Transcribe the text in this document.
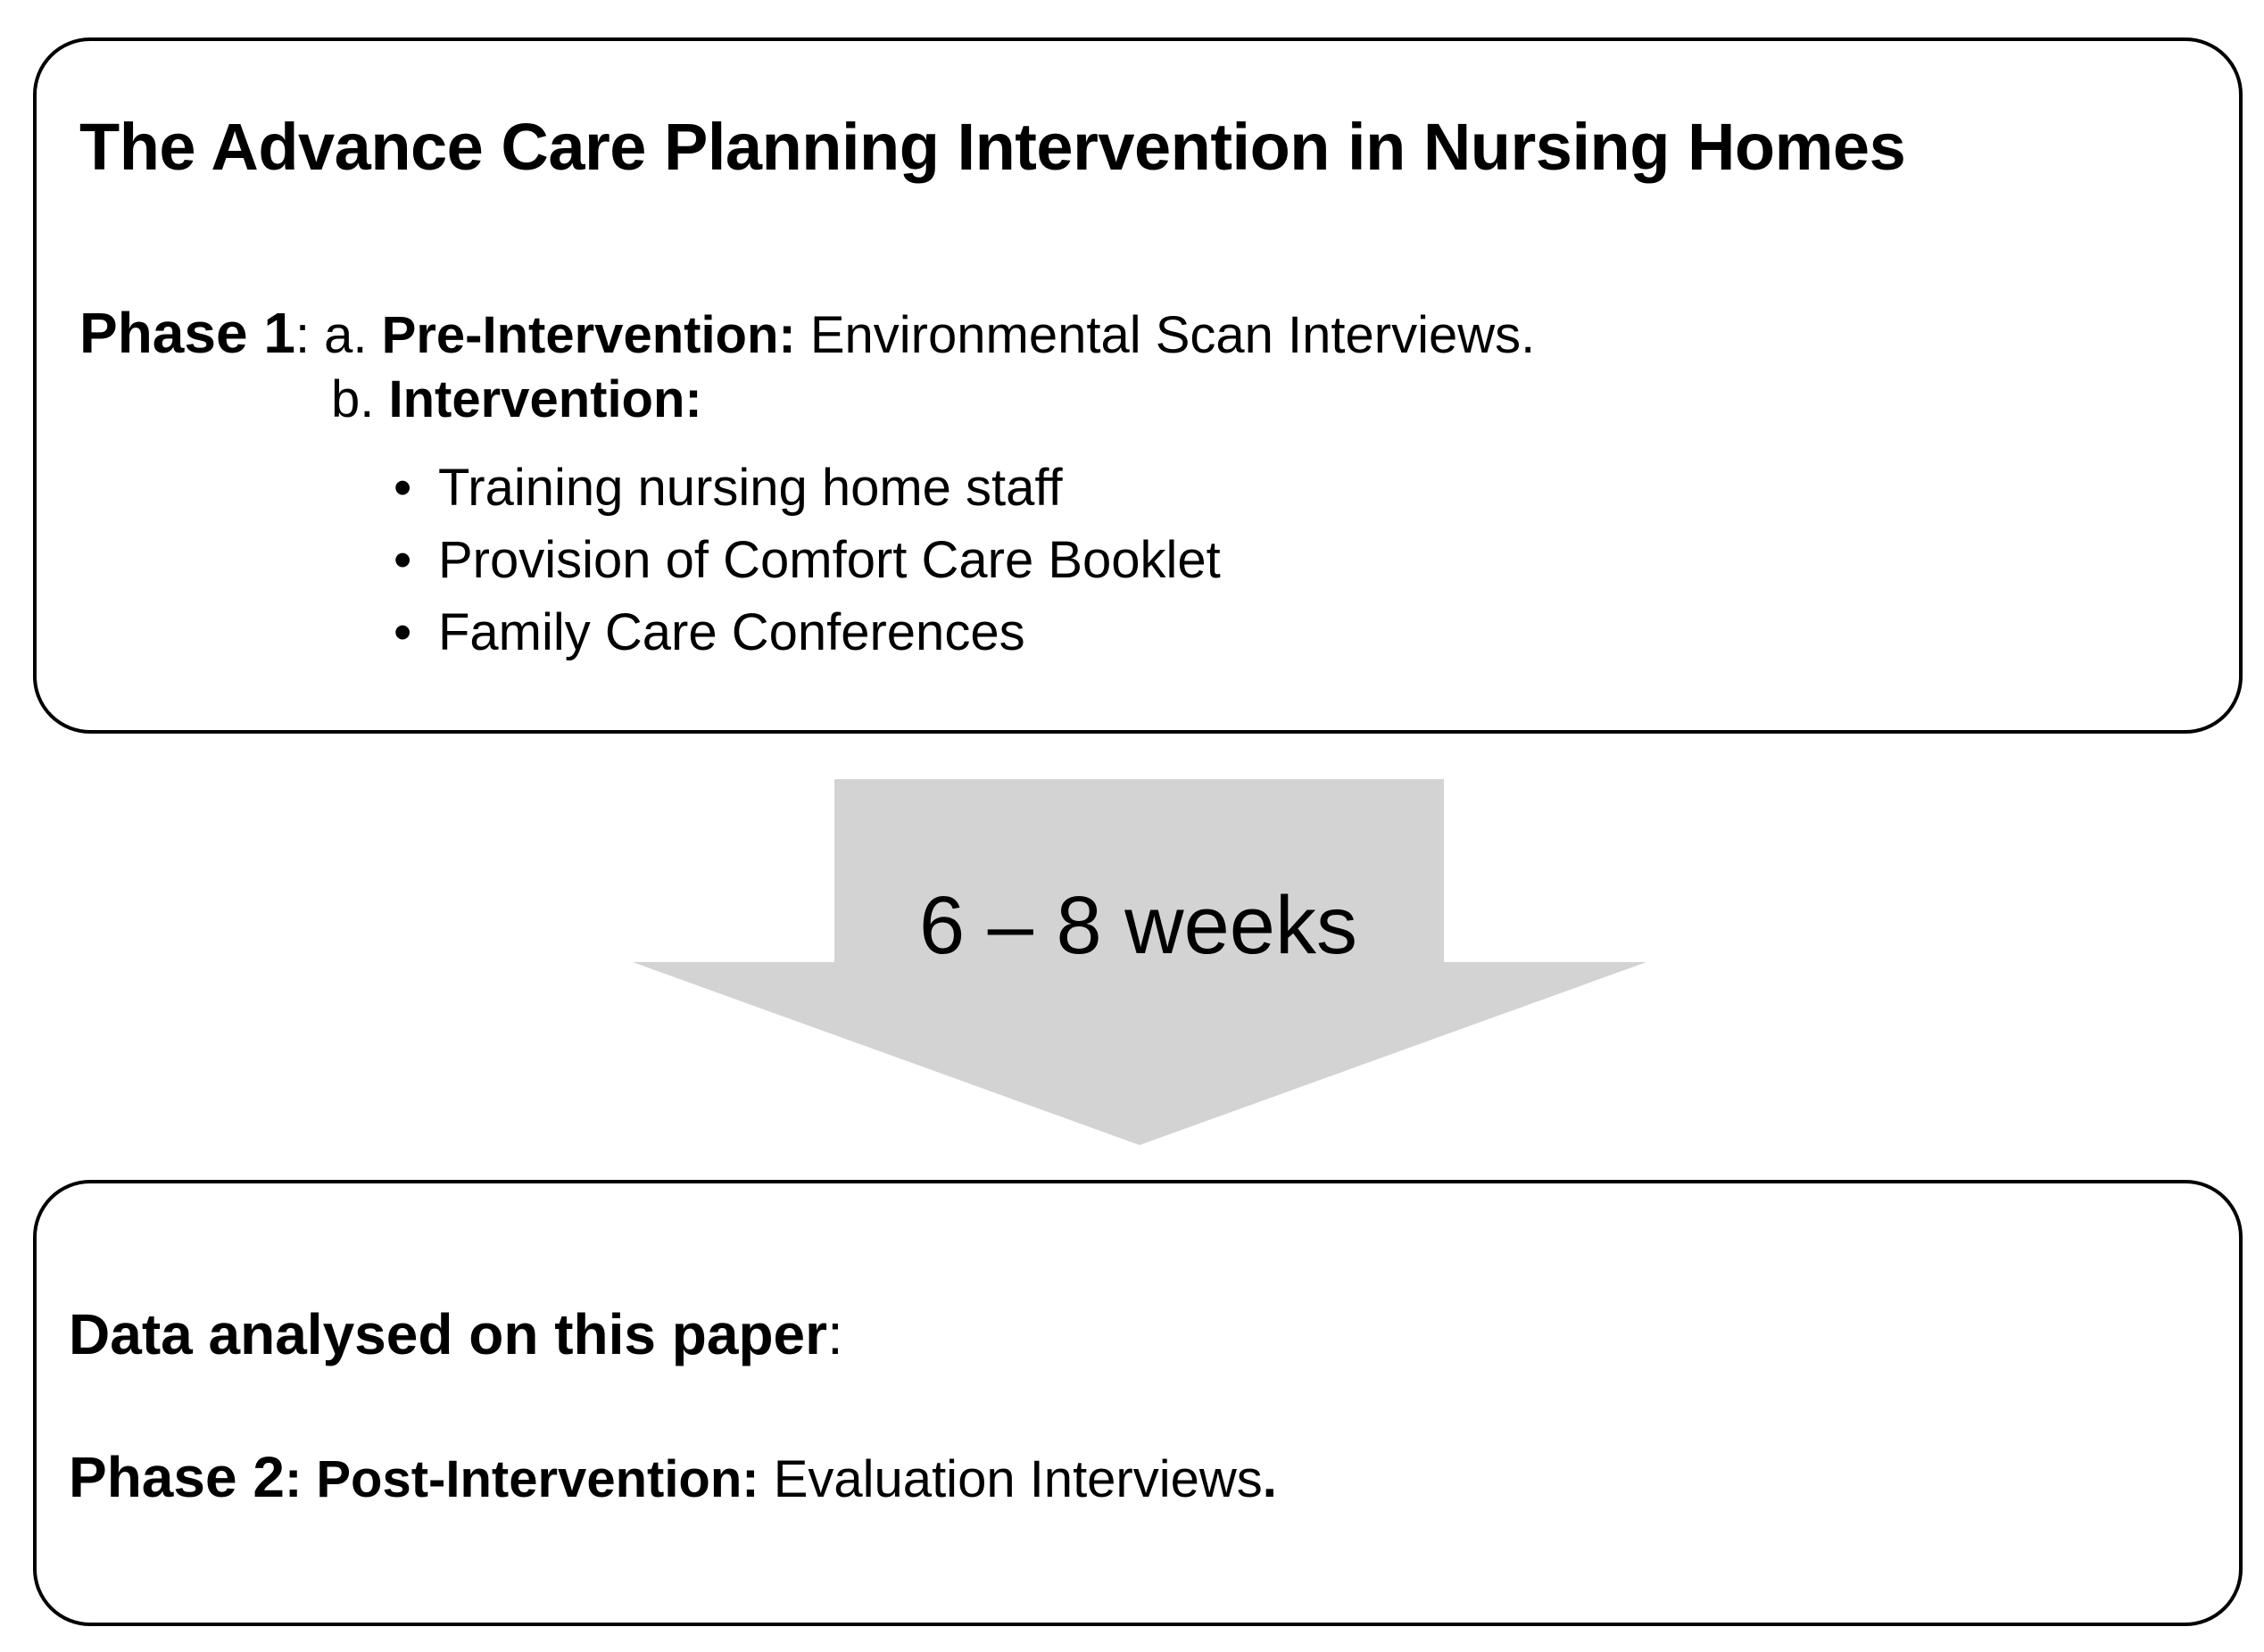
6 – 8 weeks
The Advance Care Planning Intervention in Nursing Homes
Phase 1: a. Pre-Intervention: Environmental Scan Interviews.
b. Intervention:
• Training nursing home staff
• Provision of Comfort Care Booklet
• Family Care Conferences
Data analysed on this paper:
Phase 2: Post-Intervention: Evaluation Interviews.
